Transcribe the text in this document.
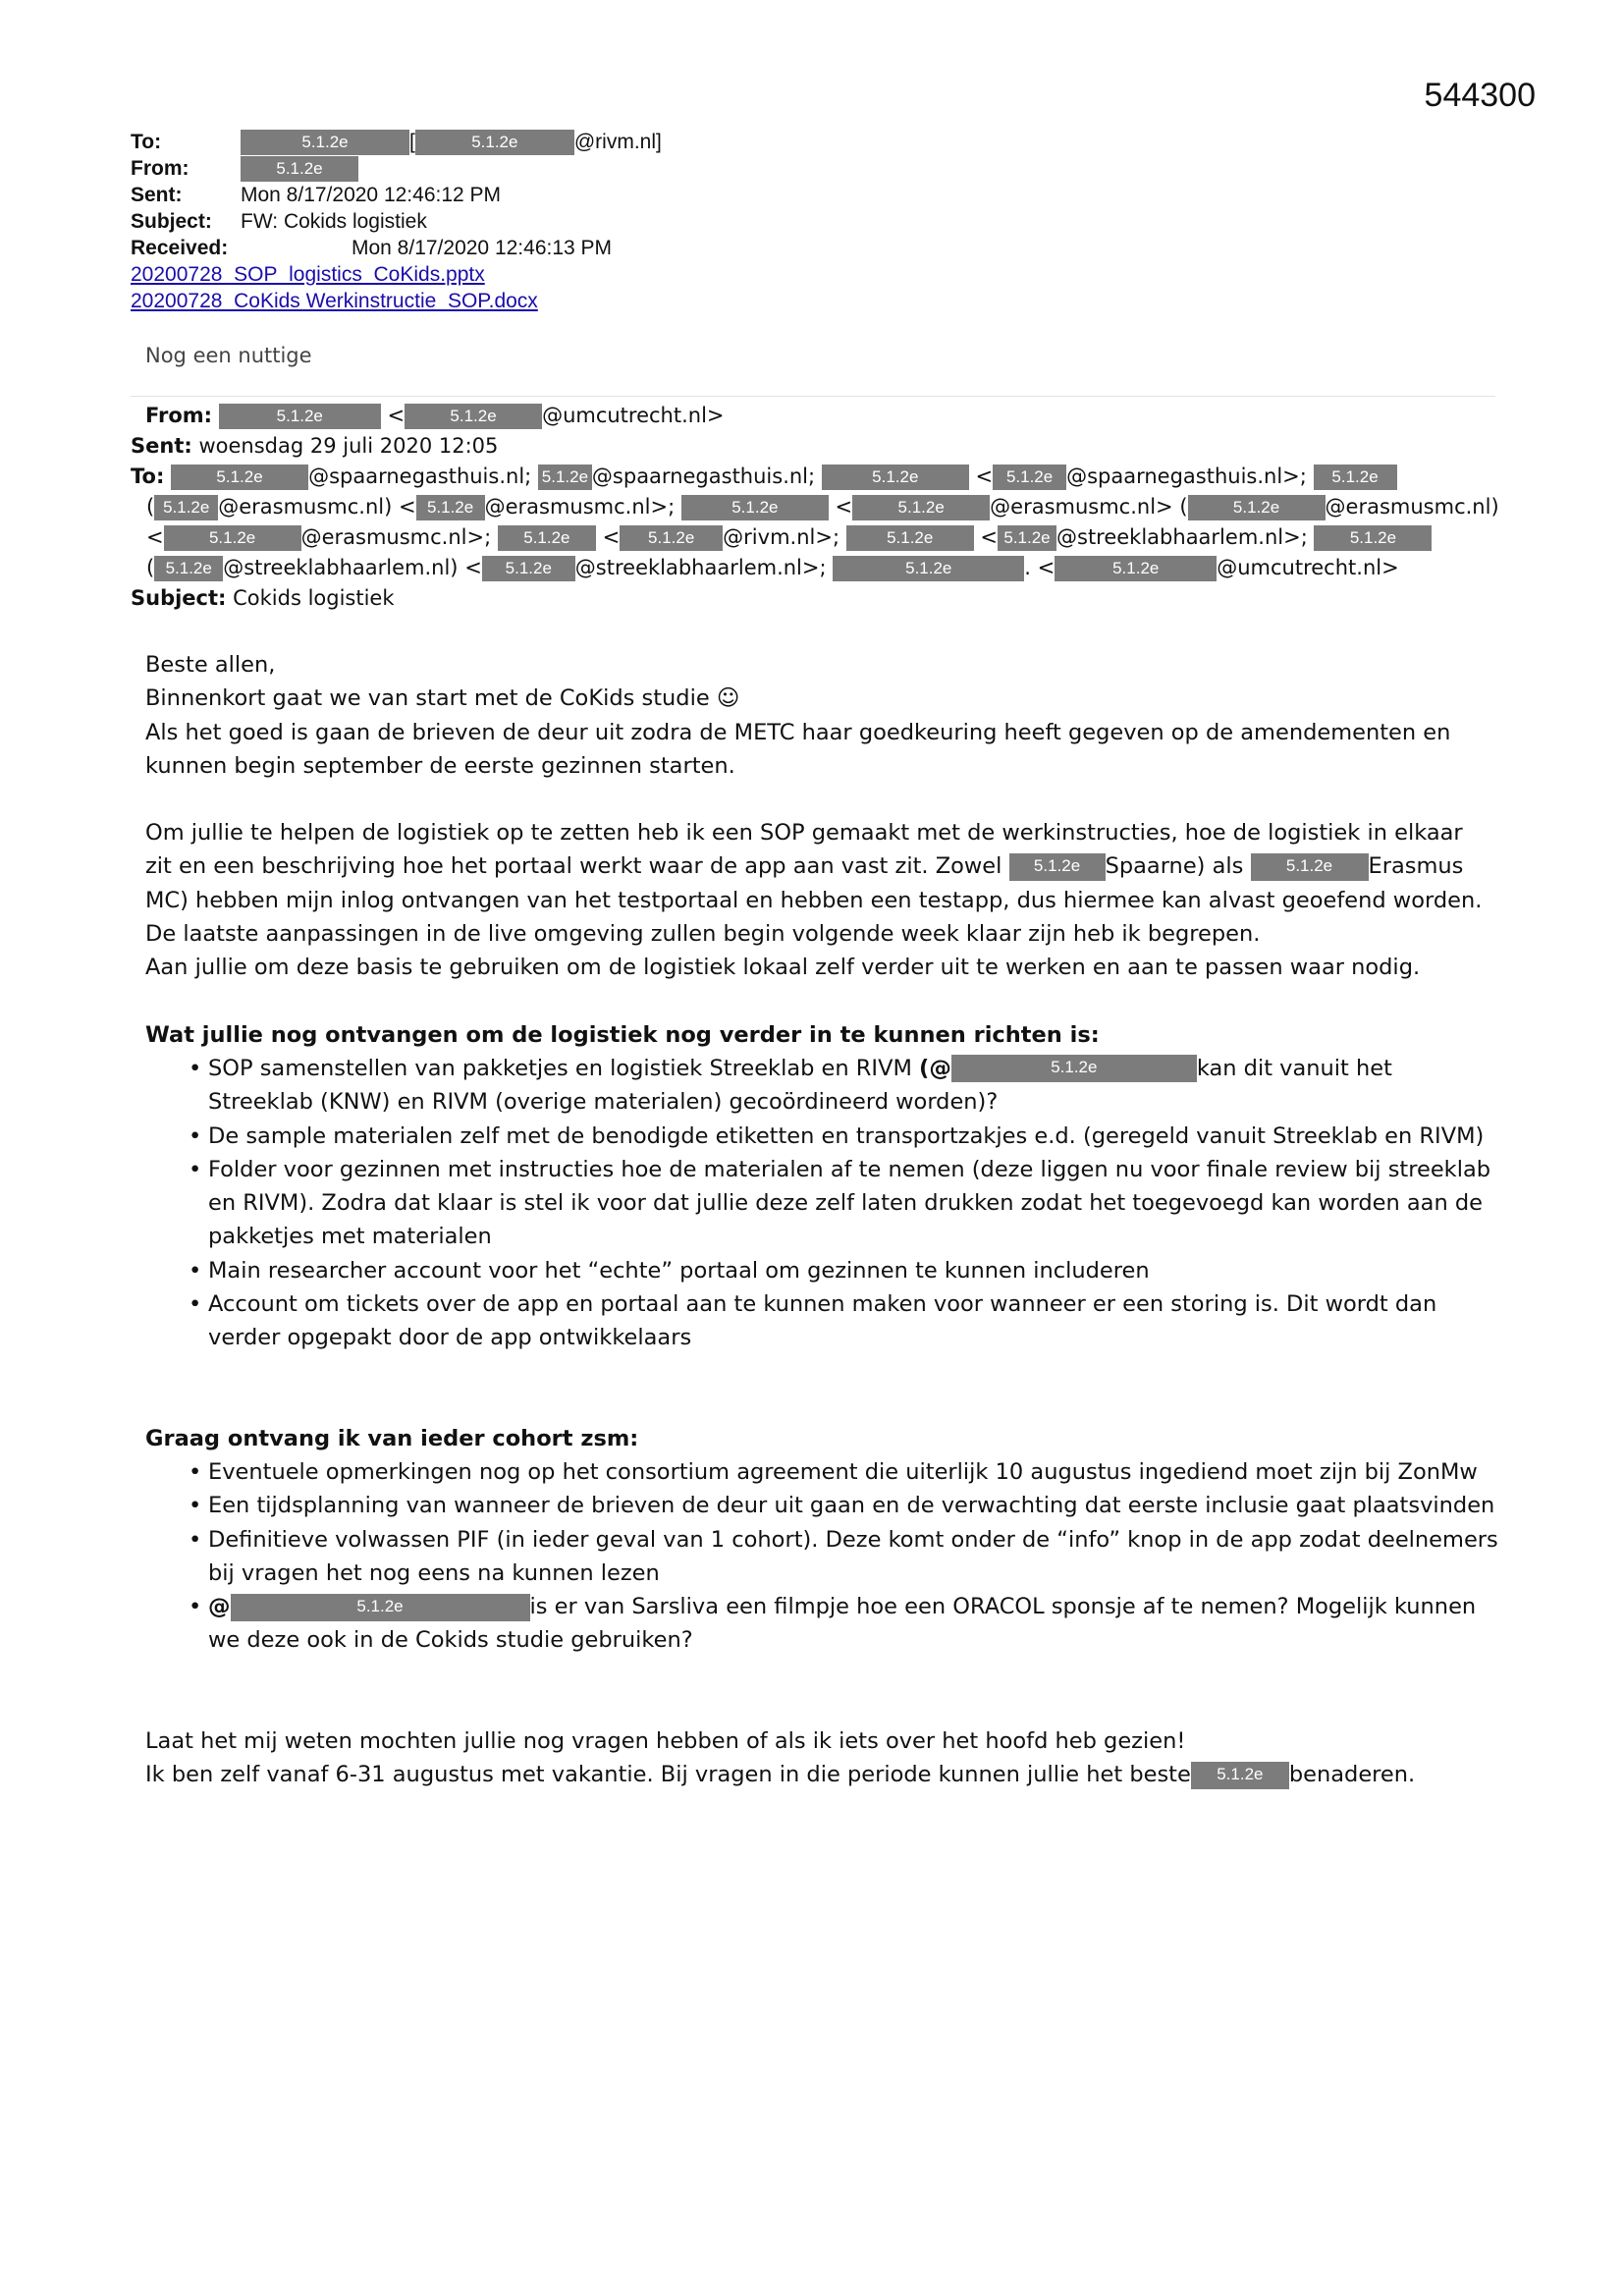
544300
To:	5.1.2e	[	5.1.2e	@rivm.nl]
From:	5.1.2e
Sent:	Mon 8/17/2020 12:46:12 PM
Subject: FW: Cokids logistiek
Received:	Mon 8/17/2020 12:46:13 PM
20200728_SOP_logistics_CoKids.pptx
20200728_CoKids Werkinstructie_SOP.docx
Nog een nuttige
From:	5.1.2e	<	5.1.2e @umcutrecht.nl>
Sent: woensdag 29 juli 2020 12:05
To:	5.1.2e @spaarnegasthuis.nl; 5.1.2e @spaarnegasthuis.nl;	5.1.2e	< 5.1.2e @spaarnegasthuis.nl>; 5.1.2e
( 5.1.2e @erasmusmc.nl) < 5.1.2e @erasmusmc.nl>;	5.1.2e	<	5.1.2e @erasmusmc.nl> (	5.1.2e @erasmusmc.nl)
<	5.1.2e @erasmusmc.nl>; 5.1.2e < 5.1.2e @rivm.nl>;	5.1.2e < 5.1.2e @streeklabhaarlem.nl>;	5.1.2e
( 5.1.2e @streeklabhaarlem.nl) < 5.1.2e @streeklabhaarlem.nl>;	5.1.2e	. <	5.1.2e	@umcutrecht.nl>
Subject: Cokids logistiek

Beste allen,

Binnenkort gaat we van start met de CoKids studie ☺

Als het goed is gaan de brieven de deur uit zodra de METC haar goedkeuring heeft gegeven op de amendementen en kunnen begin september de eerste gezinnen starten.

Om jullie te helpen de logistiek op te zetten heb ik een SOP gemaakt met de werkinstructies, hoe de logistiek in elkaar zit en een beschrijving hoe het portaal werkt waar de app aan vast zit. Zowel 5.1.2e Spaarne) als	5.1.2e Erasmus MC) hebben mijn inlog ontvangen van het testportaal en hebben een testapp, dus hiermee kan alvast geoefend worden. De laatste aanpassingen in de live omgeving zullen begin volgende week klaar zijn heb ik begrepen.

Aan jullie om deze basis te gebruiken om de logistiek lokaal zelf verder uit te werken en aan te passen waar nodig.

Wat jullie nog ontvangen om de logistiek nog verder in te kunnen richten is:

• SOP samenstellen van pakketjes en logistiek Streeklab en RIVM (@	5.1.2e	kan dit vanuit het Streeklab (KNW) en RIVM (overige materialen) gecoördineerd worden)?
• De sample materialen zelf met de benodigde etiketten en transportzakjes e.d. (geregeld vanuit Streeklab en RIVM)
• Folder voor gezinnen met instructies hoe de materialen af te nemen (deze liggen nu voor finale review bij streeklab en RIVM). Zodra dat klaar is stel ik voor dat jullie deze zelf laten drukken zodat het toegevoegd kan worden aan de pakketjes met materialen
• Main researcher account voor het “echte” portaal om gezinnen te kunnen includeren
• Account om tickets over de app en portaal aan te kunnen maken voor wanneer er een storing is. Dit wordt dan verder opgepakt door de app ontwikkelaars

Graag ontvang ik van ieder cohort zsm:

• Eventuele opmerkingen nog op het consortium agreement die uiterlijk 10 augustus ingediend moet zijn bij ZonMw
• Een tijdsplanning van wanneer de brieven de deur uit gaan en de verwachting dat eerste inclusie gaat plaatsvinden
• Definitieve volwassen PIF (in ieder geval van 1 cohort). Deze komt onder de “info” knop in de app zodat deelnemers bij vragen het nog eens na kunnen lezen
• @	5.1.2e	is er van Sarsliva een filmpje hoe een ORACOL sponsje af te nemen? Mogelijk kunnen we deze ook in de Cokids studie gebruiken?

Laat het mij weten mochten jullie nog vragen hebben of als ik iets over het hoofd heb gezien!

Ik ben zelf vanaf 6-31 augustus met vakantie. Bij vragen in die periode kunnen jullie het beste 5.1.2e benaderen.
